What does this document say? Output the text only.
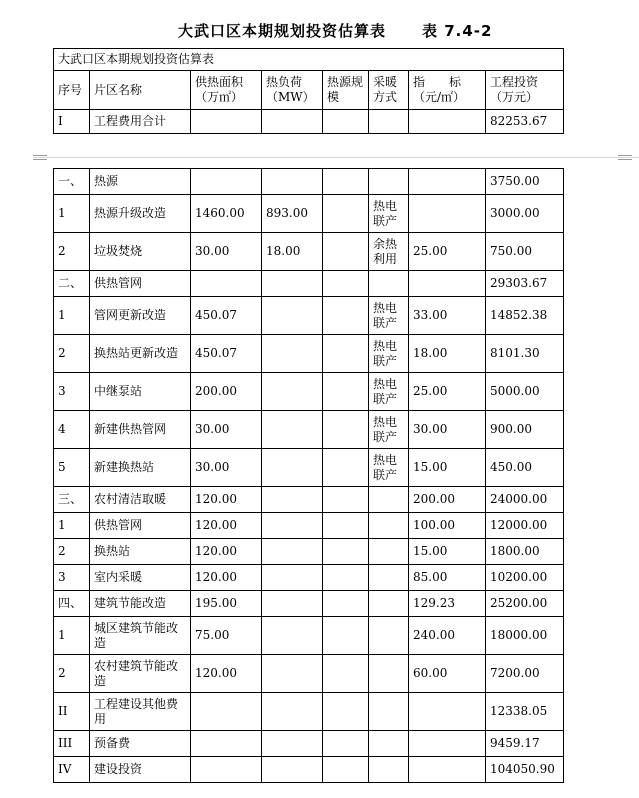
大武口区本期规划投资估算表 表 7.4-2
大武口区本期规划投资估算表							
序号	片区名称	供热面积（万㎡）	热负荷（MW）	热源规模	采暖方式	指　　标（元/㎡）	工程投资（万元）
I	工程费用合计						82253.67
一、	热源						3750.00
1	热源升级改造	1460.00	893.00		热电联产		3000.00
2	垃圾焚烧	30.00	18.00		余热利用	25.00	750.00
二、	供热管网						29303.67
1	管网更新改造	450.07			热电联产	33.00	14852.38
2	换热站更新改造	450.07			热电联产	18.00	8101.30
3	中继泵站	200.00			热电联产	25.00	5000.00
4	新建供热管网	30.00			热电联产	30.00	900.00
5	新建换热站	30.00			热电联产	15.00	450.00
三、	农村清洁取暖	120.00				200.00	24000.00
1	供热管网	120.00				100.00	12000.00
2	换热站	120.00				15.00	1800.00
3	室内采暖	120.00				85.00	10200.00
四、	建筑节能改造	195.00				129.23	25200.00
1	城区建筑节能改造	75.00				240.00	18000.00
2	农村建筑节能改造	120.00				60.00	7200.00
II	工程建设其他费用						12338.05
III	预备费						9459.17
IV	建设投资						104050.90
